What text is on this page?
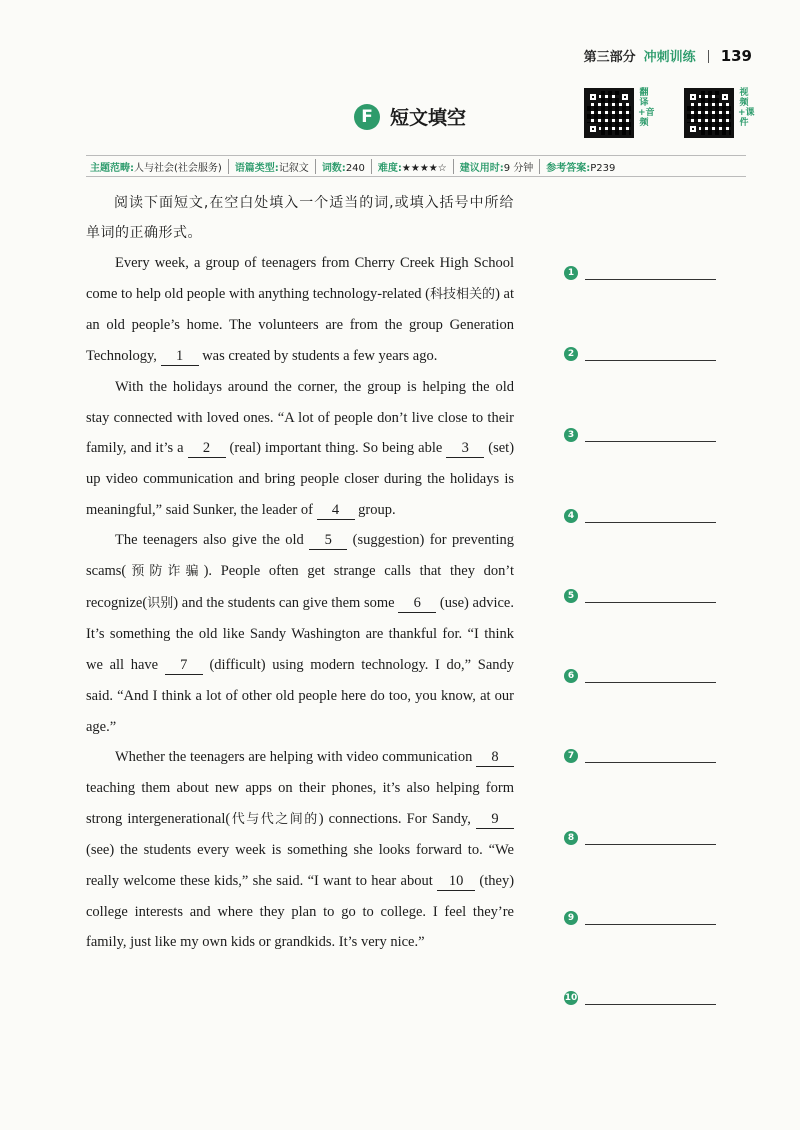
第三部分 冲刺训练 139
F 短文填空
翻译+音频
视频+课件
主题范畴:人与社会(社会服务)	语篇类型:记叙文	词数:240	难度:★★★★☆	建议用时:9 分钟	参考答案:P239

阅读下面短文,在空白处填入一个适当的词,或填入括号中所给单词的正确形式。

Every week, a group of teenagers from Cherry Creek High School come to help old people with anything technology-related (科技相关的) at an old people’s home. The volunteers are from the group Generation Technology, 1 was created by students a few years ago.

With the holidays around the corner, the group is helping the old stay connected with loved ones. “A lot of people don’t live close to their family, and it’s a 2 (real) important thing. So being able 3 (set) up video communication and bring people closer during the holidays is meaningful,” said Sunker, the leader of 4 group.

The teenagers also give the old 5 (suggestion) for preventing scams(预防诈骗). People often get strange calls that they don’t recognize(识别) and the students can give them some 6 (use) advice. It’s something the old like Sandy Washington are thankful for. “I think we all have 7 (difficult) using modern technology. I do,” Sandy said. “And I think a lot of other old people here do too, you know, at our age.”

Whether the teenagers are helping with video communication 8 teaching them about new apps on their phones, it’s also helping form strong intergenerational(代与代之间的) connections. For Sandy, 9 (see) the students every week is something she looks forward to. “We really welcome these kids,” she said. “I want to hear about 10 (they) college interests and where they plan to go to college. I feel they’re family, just like my own kids or grandkids. It’s very nice.”

1
2
3
4
5
6
7
8
9
10
